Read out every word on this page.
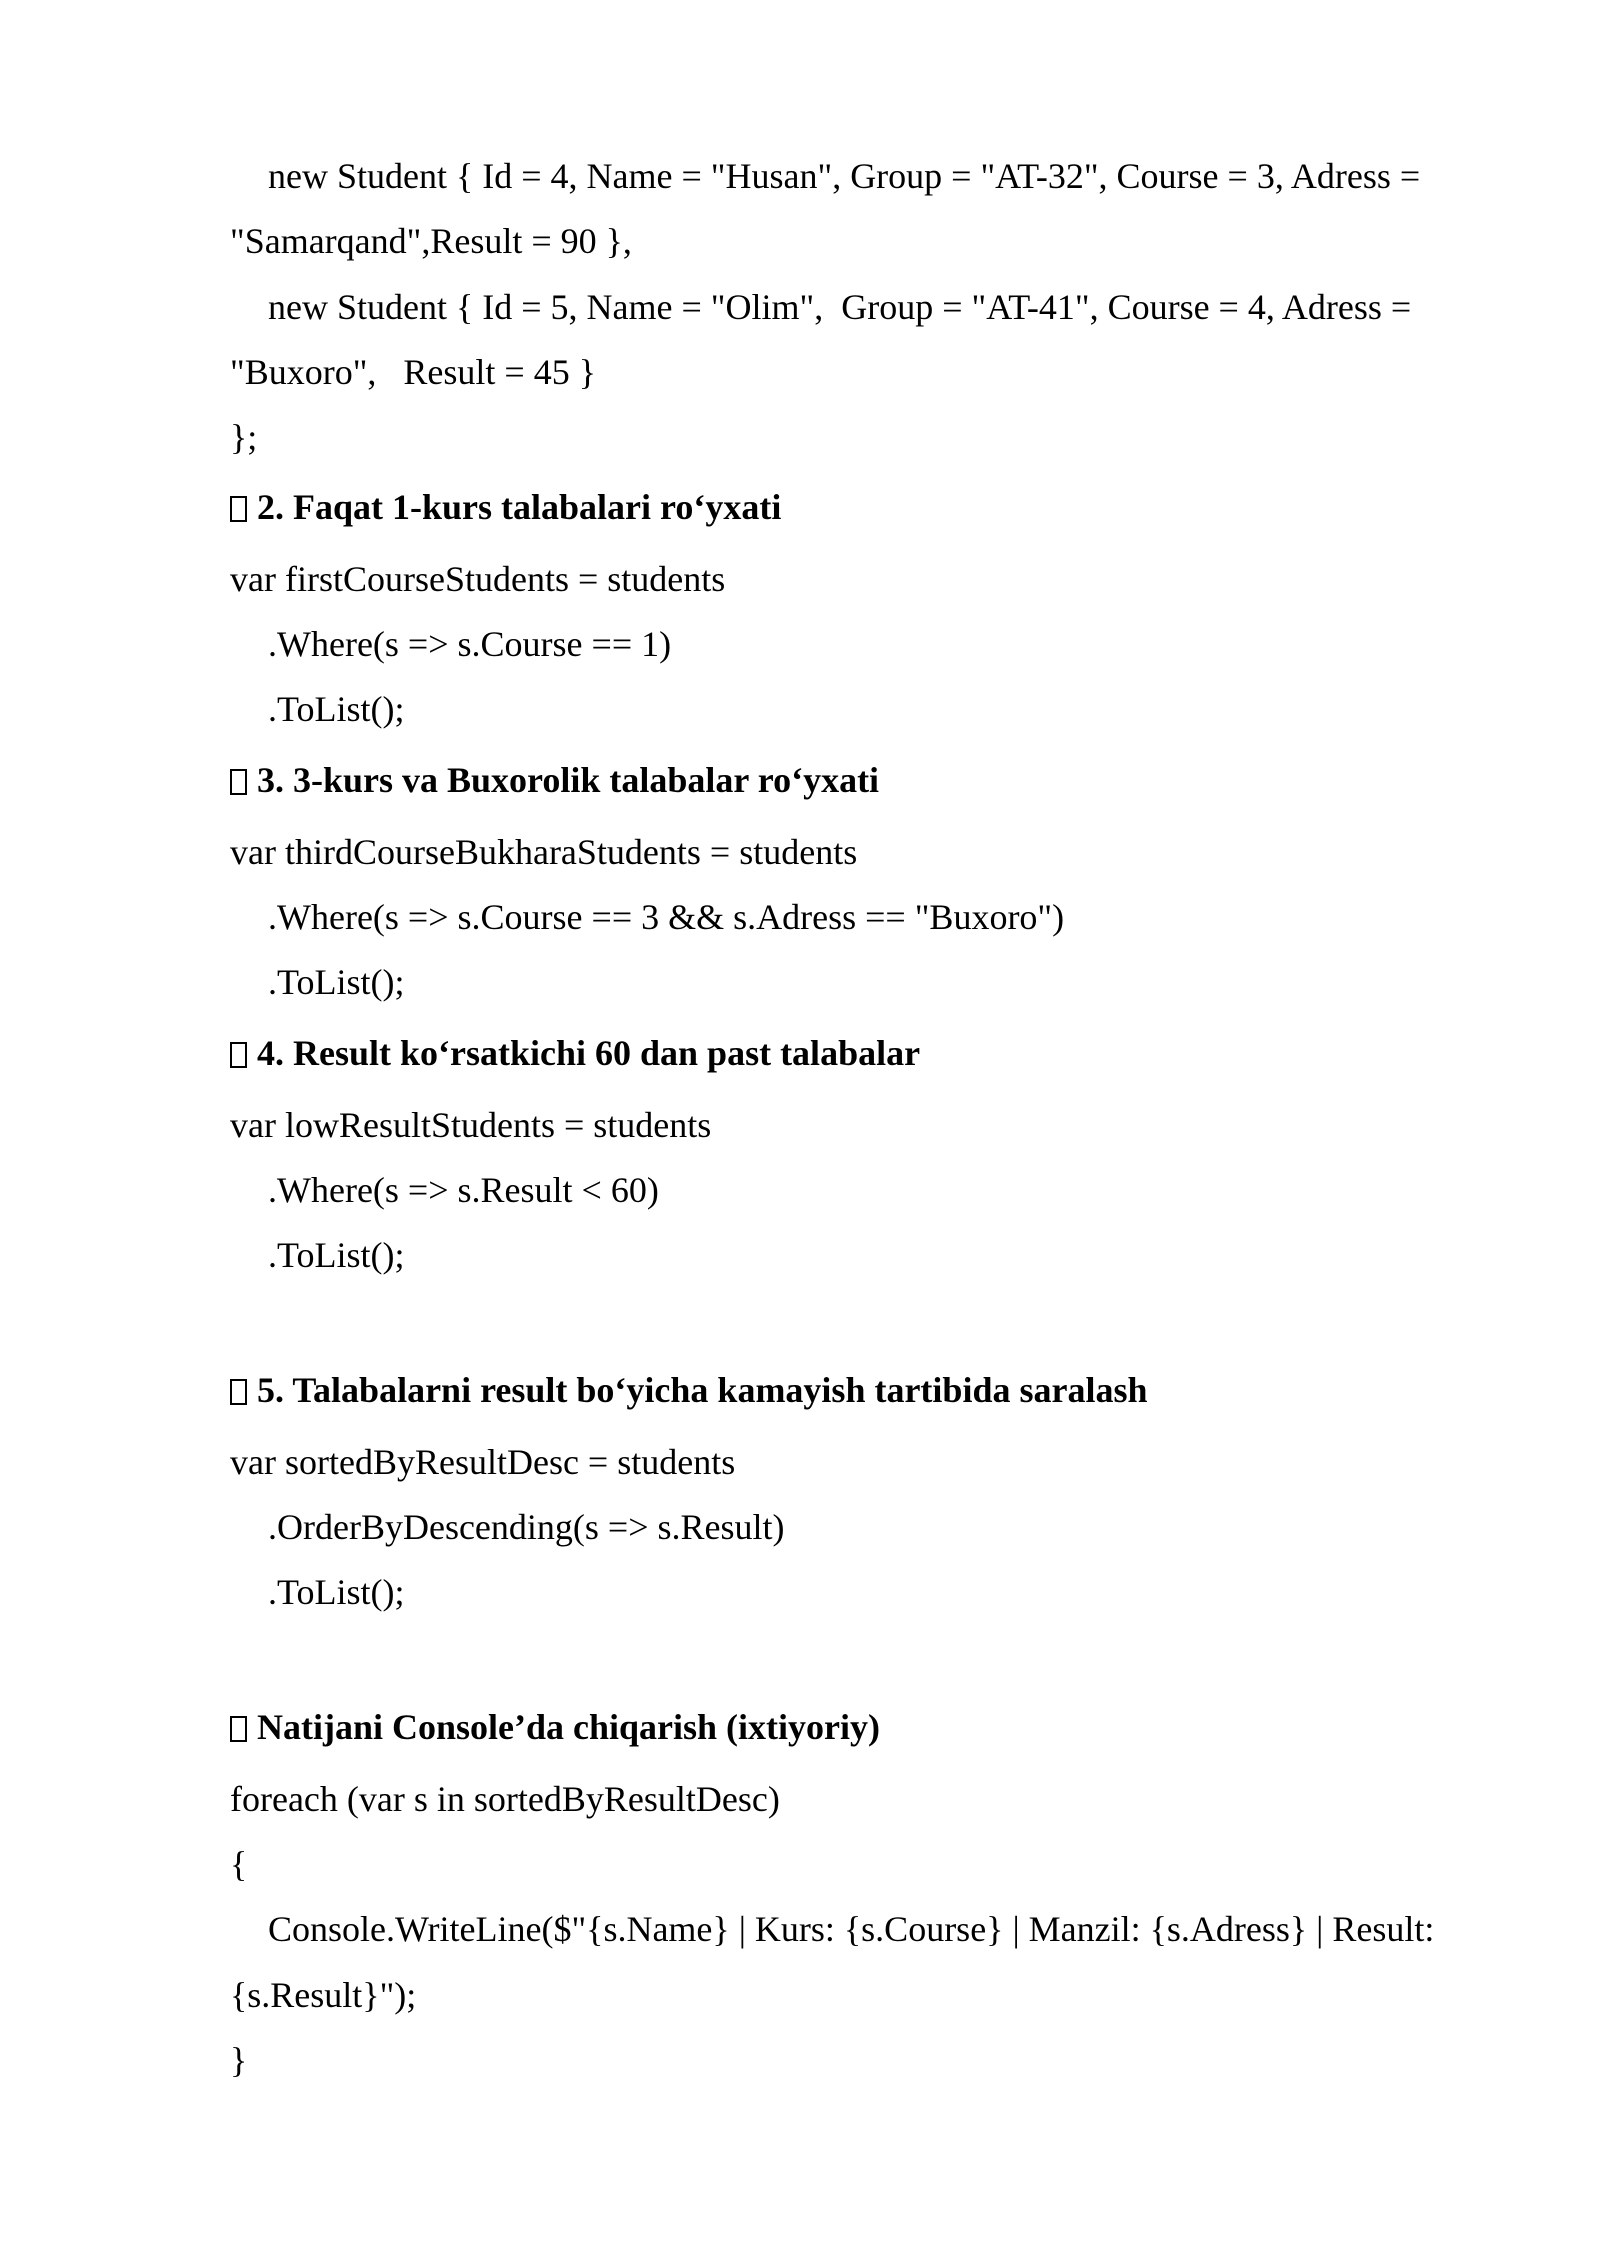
new Student { Id = 4, Name = "Husan", Group = "AT-32", Course = 3, Adress =
"Samarqand",Result = 90 },
new Student { Id = 5, Name = "Olim",  Group = "AT-41", Course = 4, Adress =
"Buxoro",   Result = 45 }
};
2. Faqat 1-kurs talabalari ro‘yxati
var firstCourseStudents = students
.Where(s => s.Course == 1)
.ToList();
3. 3-kurs va Buxorolik talabalar ro‘yxati
var thirdCourseBukharaStudents = students
.Where(s => s.Course == 3 && s.Adress == "Buxoro")
.ToList();
4. Result ko‘rsatkichi 60 dan past talabalar
var lowResultStudents = students
.Where(s => s.Result < 60)
.ToList();
5. Talabalarni result bo‘yicha kamayish tartibida saralash
var sortedByResultDesc = students
.OrderByDescending(s => s.Result)
.ToList();
Natijani Console’da chiqarish (ixtiyoriy)
foreach (var s in sortedByResultDesc)
{
Console.WriteLine($"{s.Name} | Kurs: {s.Course} | Manzil: {s.Adress} | Result:
{s.Result}");
}
